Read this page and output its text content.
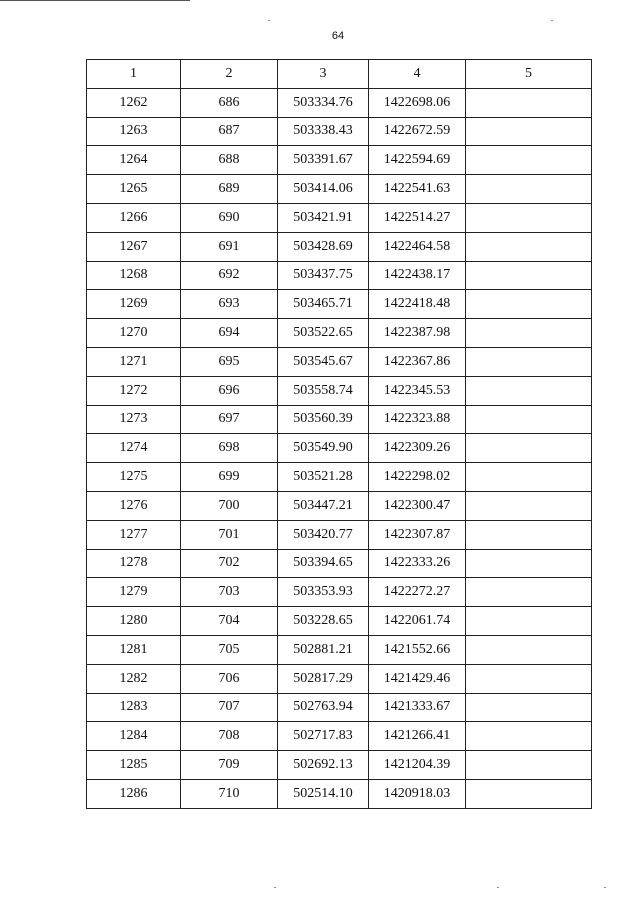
64
1	2	3	4	5
1262	686	503334.76	1422698.06	
1263	687	503338.43	1422672.59	
1264	688	503391.67	1422594.69	
1265	689	503414.06	1422541.63	
1266	690	503421.91	1422514.27	
1267	691	503428.69	1422464.58	
1268	692	503437.75	1422438.17	
1269	693	503465.71	1422418.48	
1270	694	503522.65	1422387.98	
1271	695	503545.67	1422367.86	
1272	696	503558.74	1422345.53	
1273	697	503560.39	1422323.88	
1274	698	503549.90	1422309.26	
1275	699	503521.28	1422298.02	
1276	700	503447.21	1422300.47	
1277	701	503420.77	1422307.87	
1278	702	503394.65	1422333.26	
1279	703	503353.93	1422272.27	
1280	704	503228.65	1422061.74	
1281	705	502881.21	1421552.66	
1282	706	502817.29	1421429.46	
1283	707	502763.94	1421333.67	
1284	708	502717.83	1421266.41	
1285	709	502692.13	1421204.39	
1286	710	502514.10	1420918.03	
